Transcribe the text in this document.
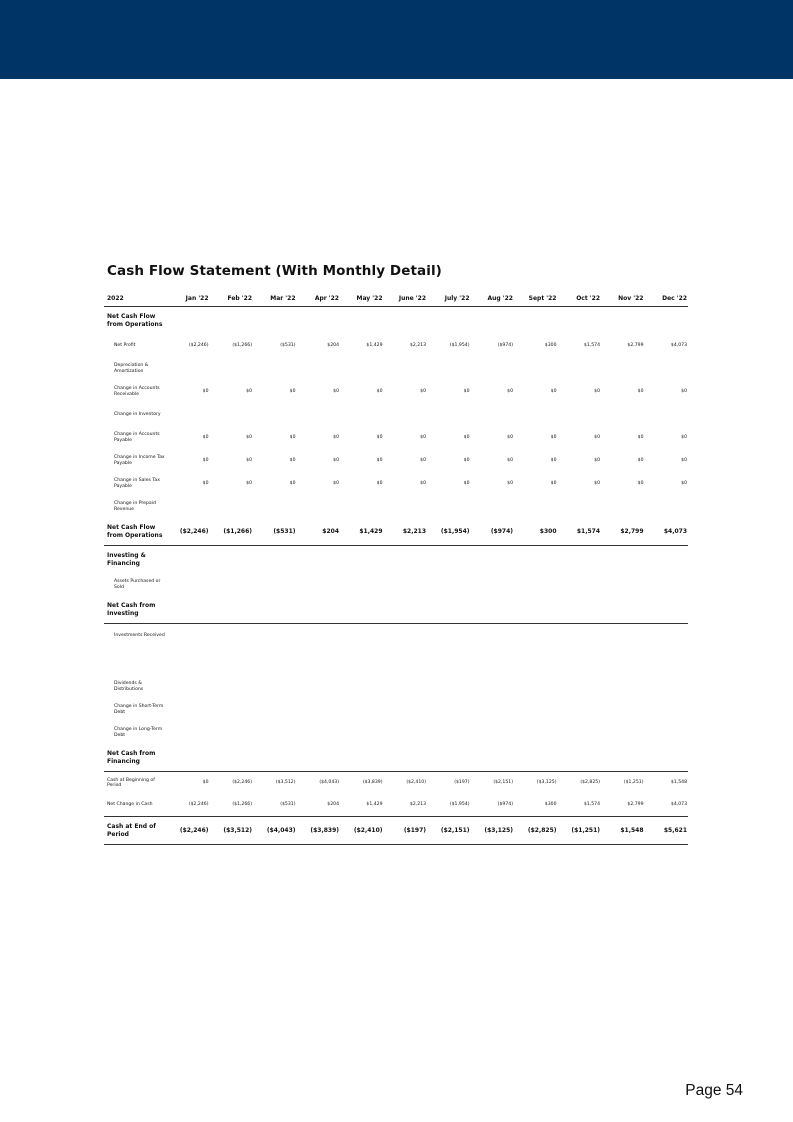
Cash Flow Statement (With Monthly Detail)
2022	Jan '22	Feb '22	Mar '22	Apr '22	May '22	June '22	July '22	Aug '22	Sept '22	Oct '22	Nov '22	Dec '22
Net Cash Flow from Operations												
Net Profit	($2,246)	($1,266)	($531)	$204	$1,429	$2,213	($1,954)	($974)	$300	$1,574	$2,799	$4,073
Depreciation & Amortization												
Change in Accounts Receivable	$0	$0	$0	$0	$0	$0	$0	$0	$0	$0	$0	$0
Change in Inventory												
Change in Accounts Payable	$0	$0	$0	$0	$0	$0	$0	$0	$0	$0	$0	$0
Change in Income Tax Payable	$0	$0	$0	$0	$0	$0	$0	$0	$0	$0	$0	$0
Change in Sales Tax Payable	$0	$0	$0	$0	$0	$0	$0	$0	$0	$0	$0	$0
Change in Prepaid Revenue												
Net Cash Flow from Operations	($2,246)	($1,266)	($531)	$204	$1,429	$2,213	($1,954)	($974)	$300	$1,574	$2,799	$4,073
Investing & Financing												
Assets Purchased or Sold												
Net Cash from Investing												
Investments Received												

Dividends & Distributions												
Change in Short-Term Debt												
Change in Long-Term Debt												
Net Cash from Financing												
Cash at Beginning of Period	$0	($2,246)	($3,512)	($4,043)	($3,839)	($2,410)	($197)	($2,151)	($3,125)	($2,825)	($1,251)	$1,548
Net Change in Cash	($2,246)	($1,266)	($531)	$204	$1,429	$2,213	($1,954)	($974)	$300	$1,574	$2,799	$4,073
Cash at End of Period	($2,246)	($3,512)	($4,043)	($3,839)	($2,410)	($197)	($2,151)	($3,125)	($2,825)	($1,251)	$1,548	$5,621
Page 54
